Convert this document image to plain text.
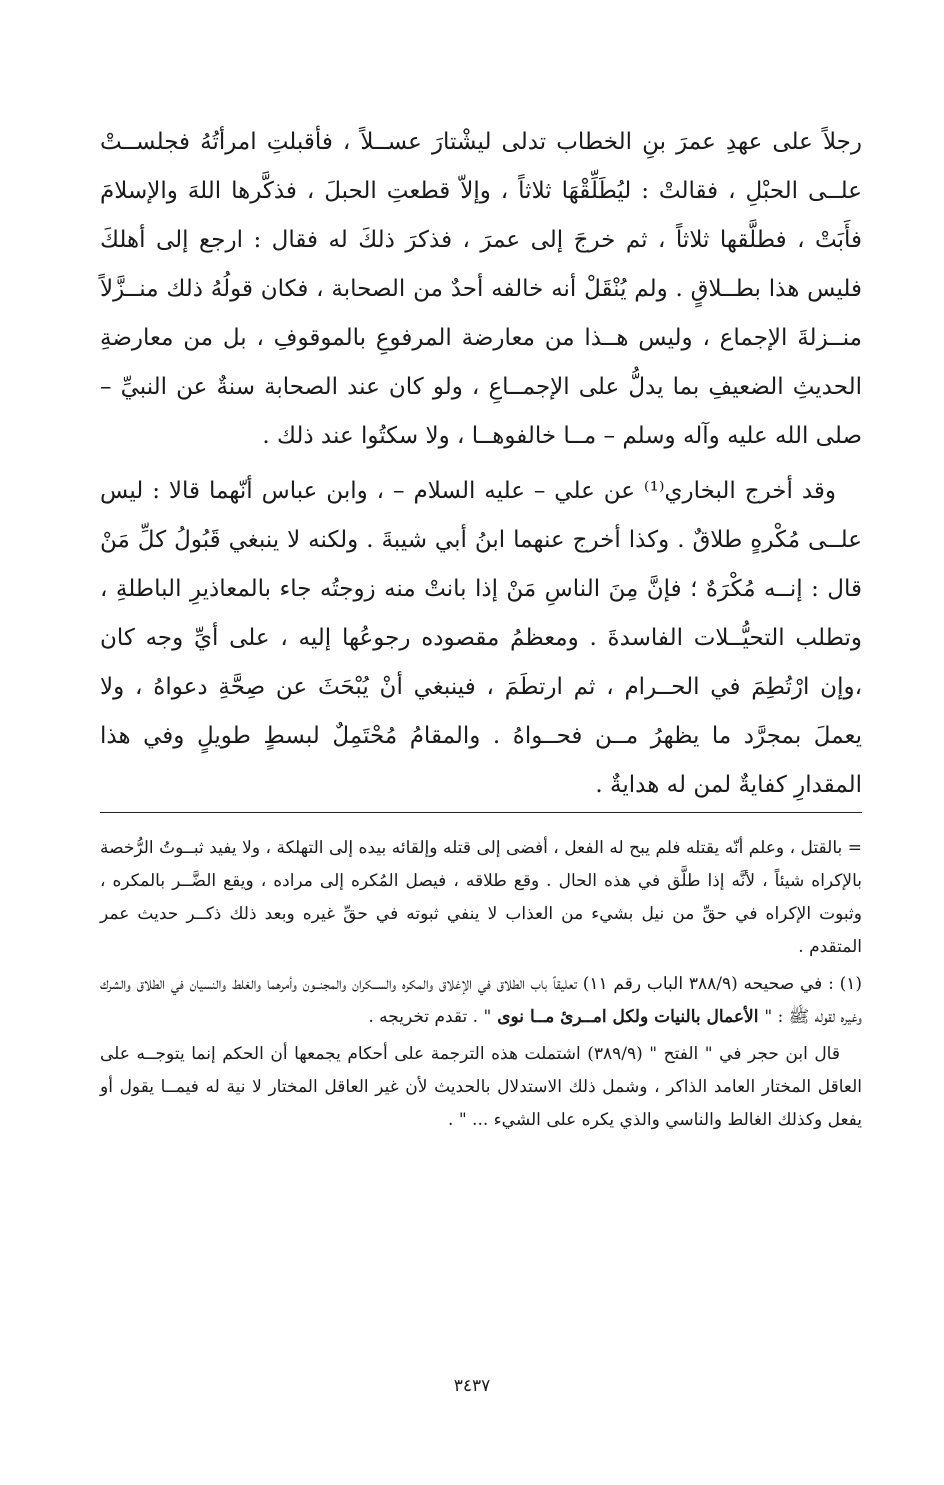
رجلاً على عهدِ عمرَ بنِ الخطاب تدلى ليشْتارَ عســلاً ، فأقبلتِ امرأتُهُ فجلســتْ علــى الحبْلِ ، فقالتْ : ليُطَلِّقْهَا ثلاثاً ، وإلاّ قطعتِ الحبلَ ، فذكَّرها اللهَ والإسلامَ فأَبَتْ ، فطلَّقها ثلاثاً ، ثم خرجَ إلى عمرَ ، فذكرَ ذلكَ له فقال : ارجع إلى أهلكَ فليس هذا بطــلاقٍ . ولم يُنْقَلْ أنه خالفه أحدٌ من الصحابة ، فكان قولُهُ ذلك منــزَّلاً منــزلةَ الإجماع ، وليس هــذا من معارضة المرفوعِ بالموقوفِ ، بل من معارضةِ الحديثِ الضعيفِ بما يدلُّ على الإجمــاعِ ، ولو كان عند الصحابة سنةٌ عن النبيِّ – صلى الله عليه وآله وسلم – مــا خالفوهــا ، ولا سكتُوا عند ذلك .

وقد أخرج البخاري⁽¹⁾ عن علي – عليه السلام – ، وابن عباس أنّهما قالا : ليس علــى مُكْرهٍ طلاقٌ . وكذا أخرج عنهما ابنُ أبي شيبةَ . ولكنه لا ينبغي قَبُولُ كلِّ مَنْ قال : إنــه مُكْرَهٌ ؛ فإنَّ مِنَ الناسِ مَنْ إذا بانتْ منه زوجتُه جاء بالمعاذيرِ الباطلةِ ، وتطلب التحيُّــلات الفاسدةَ . ومعظمُ مقصوده رجوعُها إليه ، على أيِّ وجه كان ،وإن ارْتُطِمَ في الحــرام ، ثم ارتطَمَ ، فينبغي أنْ يُبْحَثَ عن صِحَّةِ دعواهُ ، ولا يعملَ بمجرَّد ما يظهرُ مــن فحــواهُ . والمقامُ مُحْتَمِلٌ لبسطٍ طويلٍ وفي هذا المقدارِ كفايةٌ لمن له هدايةٌ .

= بالقتل ، وعلم أنّه يقتله فلم يبح له الفعل ، أفضى إلى قتله وإلقائه بيده إلى التهلكة ، ولا يفيد ثبــوتُ الرُّخصة بالإكراه شيئاً ، لأنَّه إذا طلَّق في هذه الحال . وقع طلاقه ، فيصل المُكره إلى مراده ، ويقع الضَّــر بالمكره ، وثبوت الإكراه في حقِّ من نيل بشيء من العذاب لا ينفي ثبوته في حقِّ غيره وبعد ذلك ذكــر حديث عمر المتقدم .

(١) : في صحيحه (٣٨٨/٩ الباب رقم ١١) تعليقاً باب الطلاق في الإغلاق والمكره والســكران والمجنــون وأمرهما والغلط والنسيان في الطلاق والشرك وغيره لقوله ﷺ : " الأعمال بالنيات ولكل امــرئ مــا نوى " . تقدم تخريجه .

قال ابن حجر في " الفتح " (٣٨٩/٩) اشتملت هذه الترجمة على أحكام يجمعها أن الحكم إنما يتوجــه على العاقل المختار العامد الذاكر ، وشمل ذلك الاستدلال بالحديث لأن غير العاقل المختار لا نية له فيمــا يقول أو يفعل وكذلك الغالط والناسي والذي يكره على الشيء ... " .

٣٤٣٧
